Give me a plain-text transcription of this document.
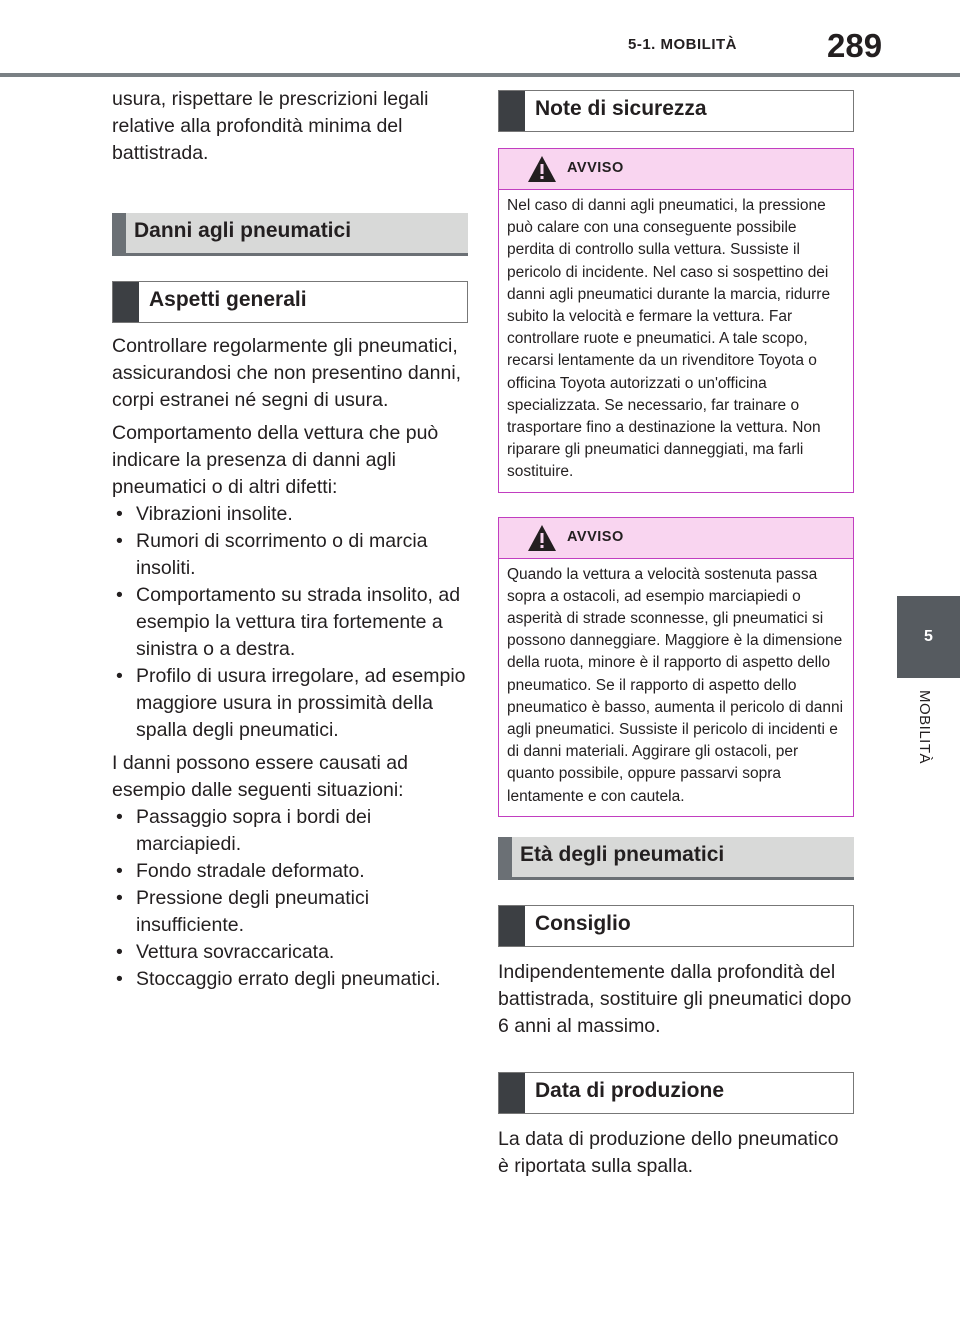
5-1. MOBILITÀ	289
5
MOBILITÀ

usura, rispettare le prescrizioni legali relative alla profondità minima del battistrada.

Danni agli pneumatici
Aspetti generali

Controllare regolarmente gli pneumatici, assicurandosi che non presentino danni, corpi estranei né segni di usura.

Comportamento della vettura che può indicare la presenza di danni agli pneumatici o di altri difetti:

• Vibrazioni insolite.
• Rumori di scorrimento o di marcia insoliti.
• Comportamento su strada insolito, ad esempio la vettura tira fortemente a sinistra o a destra.
• Profilo di usura irregolare, ad esempio maggiore usura in prossimità della spalla degli pneumatici.

I danni possono essere causati ad esempio dalle seguenti situazioni:

• Passaggio sopra i bordi dei marciapiedi.
• Fondo stradale deformato.
• Pressione degli pneumatici insufficiente.
• Vettura sovraccaricata.
• Stoccaggio errato degli pneumatici.
Note di sicurezza
AVVISO
Nel caso di danni agli pneumatici, la pressione può calare con una conseguente possibile perdita di controllo sulla vettura. Sussiste il pericolo di incidente. Nel caso si sospettino dei danni agli pneumatici durante la marcia, ridurre subito la velocità e fermare la vettura. Far controllare ruote e pneumatici. A tale scopo, recarsi lentamente da un rivenditore Toyota o officina Toyota autorizzati o un'officina specializzata. Se necessario, far trainare o trasportare fino a destinazione la vettura. Non riparare gli pneumatici danneggiati, ma farli sostituire.
AVVISO
Quando la vettura a velocità sostenuta passa sopra a ostacoli, ad esempio marciapiedi o asperità di strade sconnesse, gli pneumatici si possono danneggiare. Maggiore è la dimensione della ruota, minore è il rapporto di aspetto dello pneumatico. Se il rapporto di aspetto dello pneumatico è basso, aumenta il pericolo di danni agli pneumatici. Sussiste il pericolo di incidenti e di danni materiali. Aggirare gli ostacoli, per quanto possibile, oppure passarvi sopra lentamente e con cautela.
Età degli pneumatici
Consiglio

Indipendentemente dalla profondità del battistrada, sostituire gli pneumatici dopo 6 anni al massimo.

Data di produzione

La data di produzione dello pneumatico è riportata sulla spalla.
